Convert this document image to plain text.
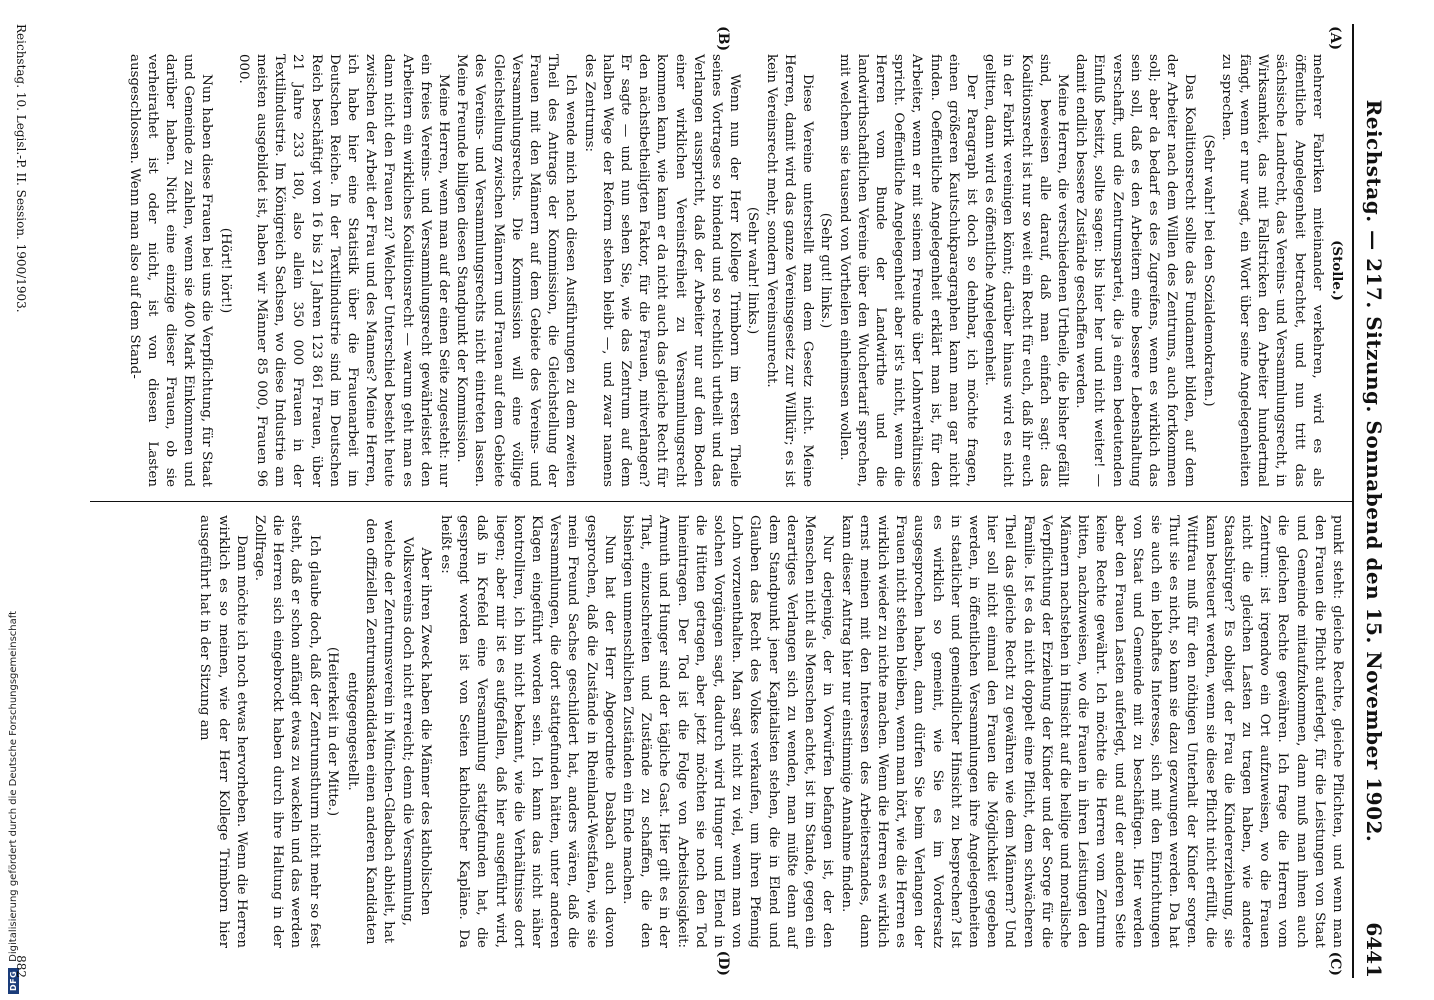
DFG
Digitalisierung gefördert durch die Deutsche Forschungsgemeinschaft	Reichstag. — 217. Sitzung. Sonnabend den 15. November 1902.
6441
(A)
(B)

(Stolle.)

mehrerer Fabriken miteinander verkehren, wird es als öffentliche Angelegenheit betrachtet, und nun tritt das sächsische Landrecht, das Vereins- und Versammlungsrecht, in Wirksamkeit, das mit Fallstricken den Arbeiter hundertmal fängt, wenn er nur wagt, ein Wort über seine Angelegenheiten zu sprechen.

(Sehr wahr! bei den Sozialdemokraten.)

Das Koalitionsrecht sollte das Fundament bilden, auf dem der Arbeiter nach dem Willen des Zentrums, auch fortkommen soll; aber da bedarf es des Zugreifens, wenn es wirklich das sein soll, daß es den Arbeitern eine bessere Lebenshaltung verschafft, und die Zentrumspartei, die ja einen bedeutenden Einfluß besitzt, sollte sagen: bis hier her und nicht weiter! — damit endlich bessere Zustände geschaffen werden.

Meine Herren, die verschiedenen Urtheile, die bisher gefällt sind, beweisen alle darauf, daß man einfach sagt: das Koalitionsrecht ist nur so weit ein Recht für euch, daß ihr euch in der Fabrik vereinigen könnt; darüber hinaus wird es nicht gelitten, dann wird es öffentliche Angelegenheit.

Der Paragraph ist doch so dehnbar, ich möchte fragen, einen größeren Kautschukparagraphen kann man gar nicht finden. Oeffentliche Angelegenheit erklärt man ist, für den Arbeiter, wenn er mit seinem Freunde über Lohnverhältnisse spricht. Oeffentliche Angelegenheit aber ist's nicht, wenn die Herren vom Bunde der Landwirthe und die landwirthschaftlichen Vereine über den Wuchertarif sprechen, mit welchem sie tausend von Vortheilen einheimsen wollen.

(Sehr gut! links.)

Diese Vereine unterstellt man dem Gesetz nicht. Meine Herren, damit wird das ganze Vereinsgesetz zur Willkür; es ist kein Vereinsrecht mehr, sondern Vereinsunrecht.

(Sehr wahr! links.)

Wenn nun der Herr Kollege Trimborn im ersten Theile seines Vortrages so bindend und so rechtlich urtheilt und das Verlangen ausspricht, daß der Arbeiter nur auf dem Boden einer wirklichen Vereinsfreiheit zu Versammlungsrecht kommen kann, wie kann er da nicht auch das gleiche Recht für den nächstbetheiligten Faktor, für die Frauen, mitverlangen? Er sagte — und nun sehen Sie, wie das Zentrum auf dem halben Wege der Reform stehen bleibt —, und zwar namens des Zentrums:

Ich wende mich nach diesen Ausführungen zu dem zweiten Theil des Antrags der Kommission, die Gleichstellung der Frauen mit den Männern auf dem Gebiete des Vereins- und Versammlungsrechts. Die Kommission will eine völlige Gleichstellung zwischen Männern und Frauen auf dem Gebiete des Vereins- und Versammlungsrechts nicht eintreten lassen. Meine Freunde billigen diesen Standpunkt der Kommission.

Meine Herren, wenn man auf der einen Seite zugesteht: nur ein freies Vereins- und Versammlungsrecht gewährleistet den Arbeitern ein wirkliches Koalitionsrecht — warum geht man es dann nicht den Frauen zu? Welcher Unterschied besteht heute zwischen der Arbeit der Frau und des Mannes? Meine Herren, ich habe hier eine Statistik über die Frauenarbeit im Deutschen Reiche. In der Textilindustrie sind im Deutschen Reich beschäftigt von 16 bis 21 Jahren 123 861 Frauen, über 21 Jahre 233 180, also allein 350 000 Frauen in der Textilindustrie. Im Königreich Sachsen, wo diese Industrie am meisten ausgebildet ist, haben wir Männer 85 000, Frauen 96 000.

(Hört! hört!)

Nun haben diese Frauen bei uns die Verpflichtung, für Staat und Gemeinde zu zahlen, wenn sie 400 Mark Einkommen und darüber haben. Nicht eine einzige dieser Frauen, ob sie verheirathet ist oder nicht, ist von diesen Lasten ausgeschlossen. Wenn man also auf dem Stand-

(C)
(D)

punkt steht: gleiche Rechte, gleiche Pflichten, und wenn man den Frauen die Pflicht auferlegt, für die Leistungen von Staat und Gemeinde mitaufzukommen, dann muß man ihnen auch die gleichen Rechte gewähren. Ich frage die Herren vom Zentrum: ist irgendwo ein Ort aufzuweisen, wo die Frauen nicht die gleichen Lasten zu tragen haben, wie andere Staatsbürger? Es obliegt der Frau die Kindererziehung, sie kann besteuert werden, wenn sie diese Pflicht nicht erfüllt, die Wittfrau muß für den nöthigen Unterhalt der Kinder sorgen. Thut sie es nicht, so kann sie dazu gezwungen werden. Da hat sie auch ein lebhaftes Interesse, sich mit den Einrichtungen von Staat und Gemeinde mit zu beschäftigen. Hier werden aber den Frauen Lasten auferlegt, und auf der anderen Seite keine Rechte gewährt. Ich möchte die Herren vom Zentrum bitten, nachzuweisen, wo die Frauen in ihren Leistungen den Männern nachstehen in Hinsicht auf die heilige und moralische Verpflichtung der Erziehung der Kinder und der Sorge für die Familie. Ist es da nicht doppelt eine Pflicht, dem schwächeren Theil das gleiche Recht zu gewähren wie dem Männern? Und hier soll nicht einmal den Frauen die Möglichkeit gegeben werden, in öffentlichen Versammlungen ihre Angelegenheiten in staatlicher und gemeindlicher Hinsicht zu besprechen? Ist es wirklich so gemeint, wie Sie es im Vordersatz ausgesprochen haben, dann dürfen Sie beim Verlangen der Frauen nicht stehen bleiben, wenn man hört, wie die Herren es wirklich wieder zu nichte machen. Wenn die Herren es wirklich ernst meinen mit den Interessen des Arbeiterstandes, dann kann dieser Antrag hier nur einstimmige Annahme finden.

Nur derjenige, der in Vorwürfen befangen ist, der den Menschen nicht als Menschen achtet, ist im Stande, gegen ein derartiges Verlangen sich zu wenden, man müßte denn auf dem Standpunkt jener Kapitalisten stehen, die in Elend und Glauben das Recht des Volkes verkaufen, um ihren Pfennig Lohn vorzuenthalten. Man sagt nicht zu viel, wenn man von solchen Vorgängen sagt, dadurch wird Hunger und Elend in die Hütten getragen, aber jetzt möchten sie noch den Tod hineintragen. Der Tod ist die Folge von Arbeitslosigkeit: Armuth und Hunger sind der tägliche Gast. Hier gilt es in der That, einzuschreiten und Zustände zu schaffen, die den bisherigen unmenschlichen Zuständen ein Ende machen.

Nun hat der Herr Abgeordnete Dasbach auch davon gesprochen, daß die Zustände in Rheinland-Westfalen, wie sie mein Freund Sachse geschildert hat, anders wären, daß die Versammlungen, die dort stattgefunden hätten, unter anderen Klagen eingeführt worden sein. Ich kann das nicht näher kontrolliren, ich bin nicht bekannt, wie die Verhältnisse dort liegen; aber mir ist es aufgefallen, daß hier ausgeführt wird, daß in Krefeld eine Versammlung stattgefunden hat, die gesprengt worden ist von Seiten katholischer Kapläne. Da heißt es:

Aber ihren Zweck haben die Männer des katholischen Volksvereins doch nicht erreicht; denn die Versammlung, welche der Zentrumsverein in München-Gladbach abhielt, hat den offiziellen Zentrumskandidaten einen anderen Kandidaten entgegengestellt.

(Heiterkeit in der Mitte.)

Ich glaube doch, daß der Zentrumsthurm nicht mehr so fest steht, daß er schon anfängt etwas zu wackeln und das werden die Herren sich eingebrockt haben durch ihre Haltung in der Zollfrage.

Dann möchte ich noch etwas hervorheben. Wenn die Herren wirklich es so meinen, wie der Herr Kollege Trimborn hier ausgeführt hat in der Sitzung am

Reichstag. 10. Legisl.-P. II. Session. 1900/1903.
882
